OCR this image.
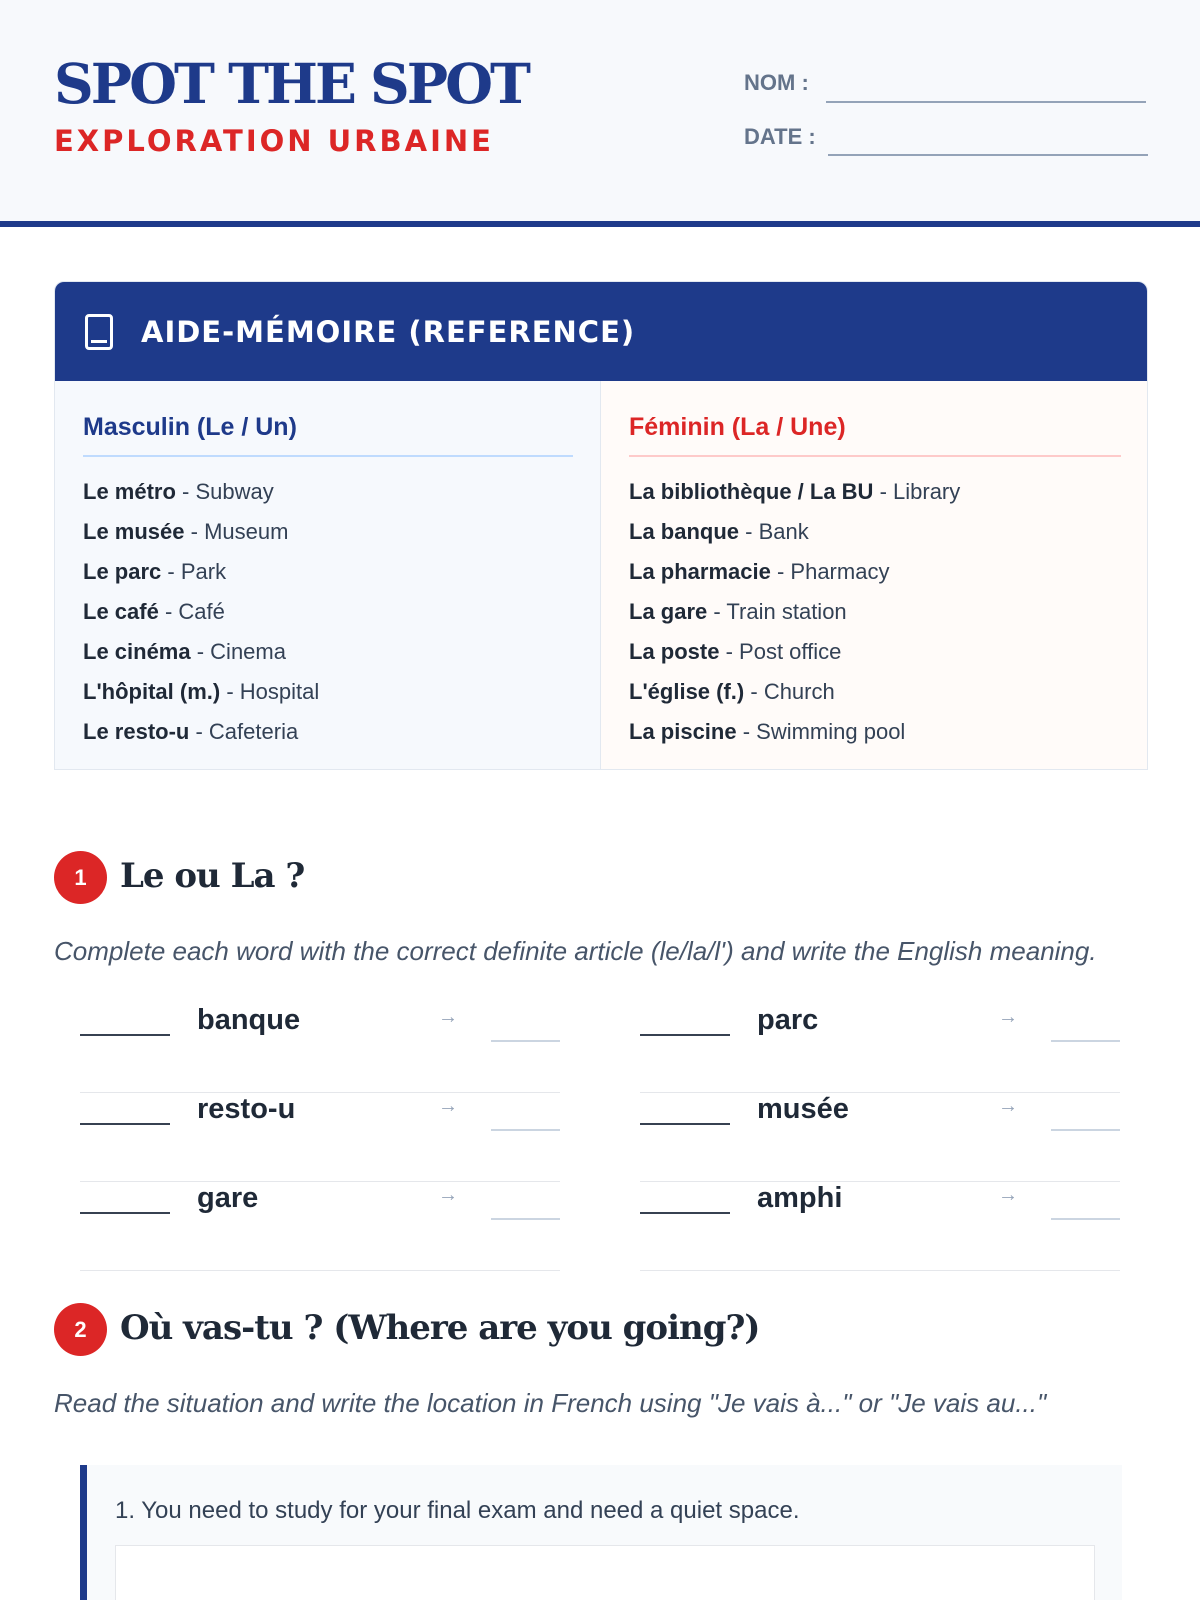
SPOT THE SPOT
EXPLORATION URBAINE
NOM :
DATE :
AIDE-MÉMOIRE (REFERENCE)
Masculin (Le / Un)
Le métro - Subway
Le musée - Museum
Le parc - Park
Le café - Café
Le cinéma - Cinema
L'hôpital (m.) - Hospital
Le resto-u - Cafeteria
Féminin (La / Une)
La bibliothèque / La BU - Library
La banque - Bank
La pharmacie - Pharmacy
La gare - Train station
La poste - Post office
L'église (f.) - Church
La piscine - Swimming pool
1 Le ou La ?
Complete each word with the correct definite article (le/la/l') and write the English meaning.
banque	→	parc	→
resto-u	→	musée	→
gare	→	amphi	→
2 Où vas-tu ? (Where are you going?)
Read the situation and write the location in French using "Je vais à..." or "Je vais au..."
1. You need to study for your final exam and need a quiet space.
